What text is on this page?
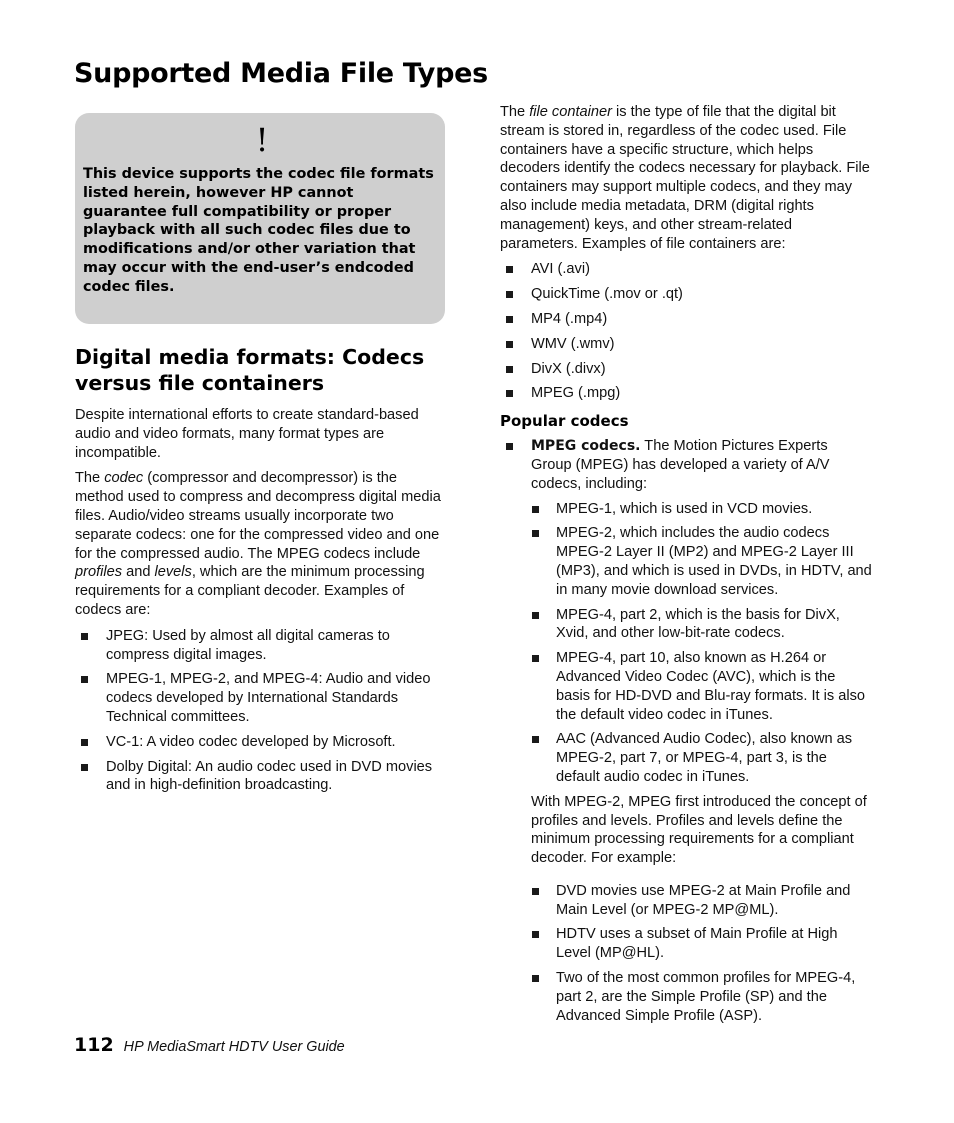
Supported Media File Types
!

This device supports the codec file formats listed herein, however HP cannot guarantee full compatibility or proper playback with all such codec files due to modifications and/or other variation that may occur with the end-user’s endcoded codec files.

Digital media formats: Codecs versus file containers

Despite international efforts to create standard-based audio and video formats, many format types are incompatible.

The codec (compressor and decompressor) is the method used to compress and decompress digital media files. Audio/video streams usually incorporate two separate codecs: one for the compressed video and one for the compressed audio. The MPEG codecs include profiles and levels, which are the minimum processing requirements for a compliant decoder. Examples of codecs are:

JPEG: Used by almost all digital cameras to compress digital images.
MPEG-1, MPEG-2, and MPEG-4: Audio and video codecs developed by International Standards Technical committees.
VC-1: A video codec developed by Microsoft.
Dolby Digital: An audio codec used in DVD movies and in high-definition broadcasting.

The file container is the type of file that the digital bit stream is stored in, regardless of the codec used. File containers have a specific structure, which helps decoders identify the codecs necessary for playback. File containers may support multiple codecs, and they may also include media metadata, DRM (digital rights management) keys, and other stream-related parameters. Examples of file containers are:

AVI (.avi)
QuickTime (.mov or .qt)
MP4 (.mp4)
WMV (.wmv)
DivX (.divx)
MPEG (.mpg)
Popular codecs
MPEG codecs. The Motion Pictures Experts Group (MPEG) has developed a variety of A/V codecs, including:
MPEG-1, which is used in VCD movies.
MPEG-2, which includes the audio codecs MPEG-2 Layer II (MP2) and MPEG-2 Layer III (MP3), and which is used in DVDs, in HDTV, and in many movie download services.
MPEG-4, part 2, which is the basis for DivX, Xvid, and other low-bit-rate codecs.
MPEG-4, part 10, also known as H.264 or Advanced Video Codec (AVC), which is the basis for HD-DVD and Blu-ray formats. It is also the default video codec in iTunes.
AAC (Advanced Audio Codec), also known as MPEG-2, part 7, or MPEG-4, part 3, is the default audio codec in iTunes.

With MPEG-2, MPEG first introduced the concept of profiles and levels. Profiles and levels define the minimum processing requirements for a compliant decoder. For example:

DVD movies use MPEG-2 at Main Profile and Main Level (or MPEG-2 MP@ML).
HDTV uses a subset of Main Profile at High Level (MP@HL).
Two of the most common profiles for MPEG-4, part 2, are the Simple Profile (SP) and the Advanced Simple Profile (ASP).
112 HP MediaSmart HDTV User Guide
